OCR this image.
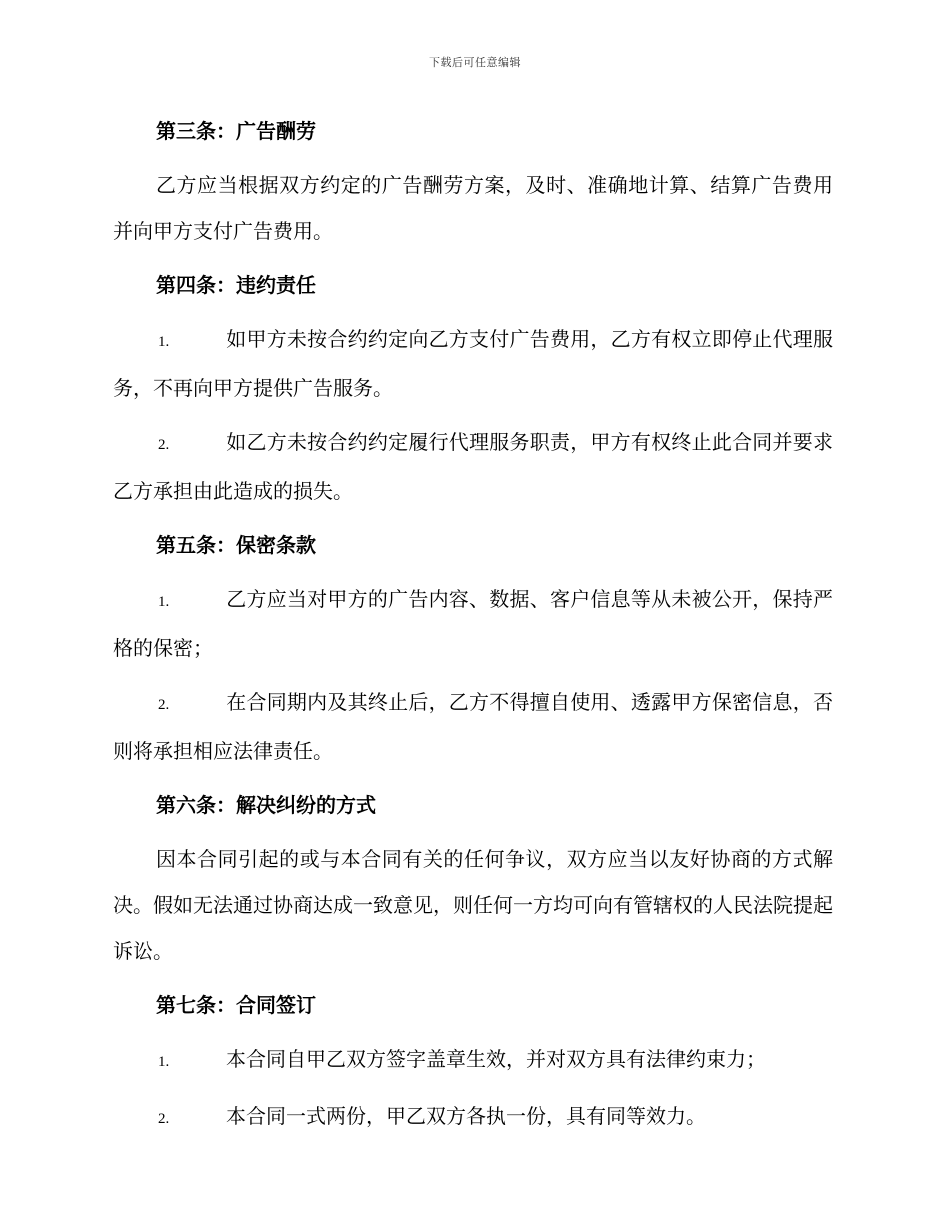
下载后可任意编辑
第三条：广告酬劳
乙方应当根据双方约定的广告酬劳方案，及时、准确地计算、结算广告费用并向甲方支付广告费用。
第四条：违约责任
1.	如甲方未按合约约定向乙方支付广告费用，乙方有权立即停止代理服务，不再向甲方提供广告服务。
2.	如乙方未按合约约定履行代理服务职责，甲方有权终止此合同并要求乙方承担由此造成的损失。
第五条：保密条款
1.	乙方应当对甲方的广告内容、数据、客户信息等从未被公开，保持严格的保密；
2.	在合同期内及其终止后，乙方不得擅自使用、透露甲方保密信息，否则将承担相应法律责任。
第六条：解决纠纷的方式
因本合同引起的或与本合同有关的任何争议，双方应当以友好协商的方式解决。假如无法通过协商达成一致意见，则任何一方均可向有管辖权的人民法院提起诉讼。
第七条：合同签订
1.	本合同自甲乙双方签字盖章生效，并对双方具有法律约束力；
2.	本合同一式两份，甲乙双方各执一份，具有同等效力。
